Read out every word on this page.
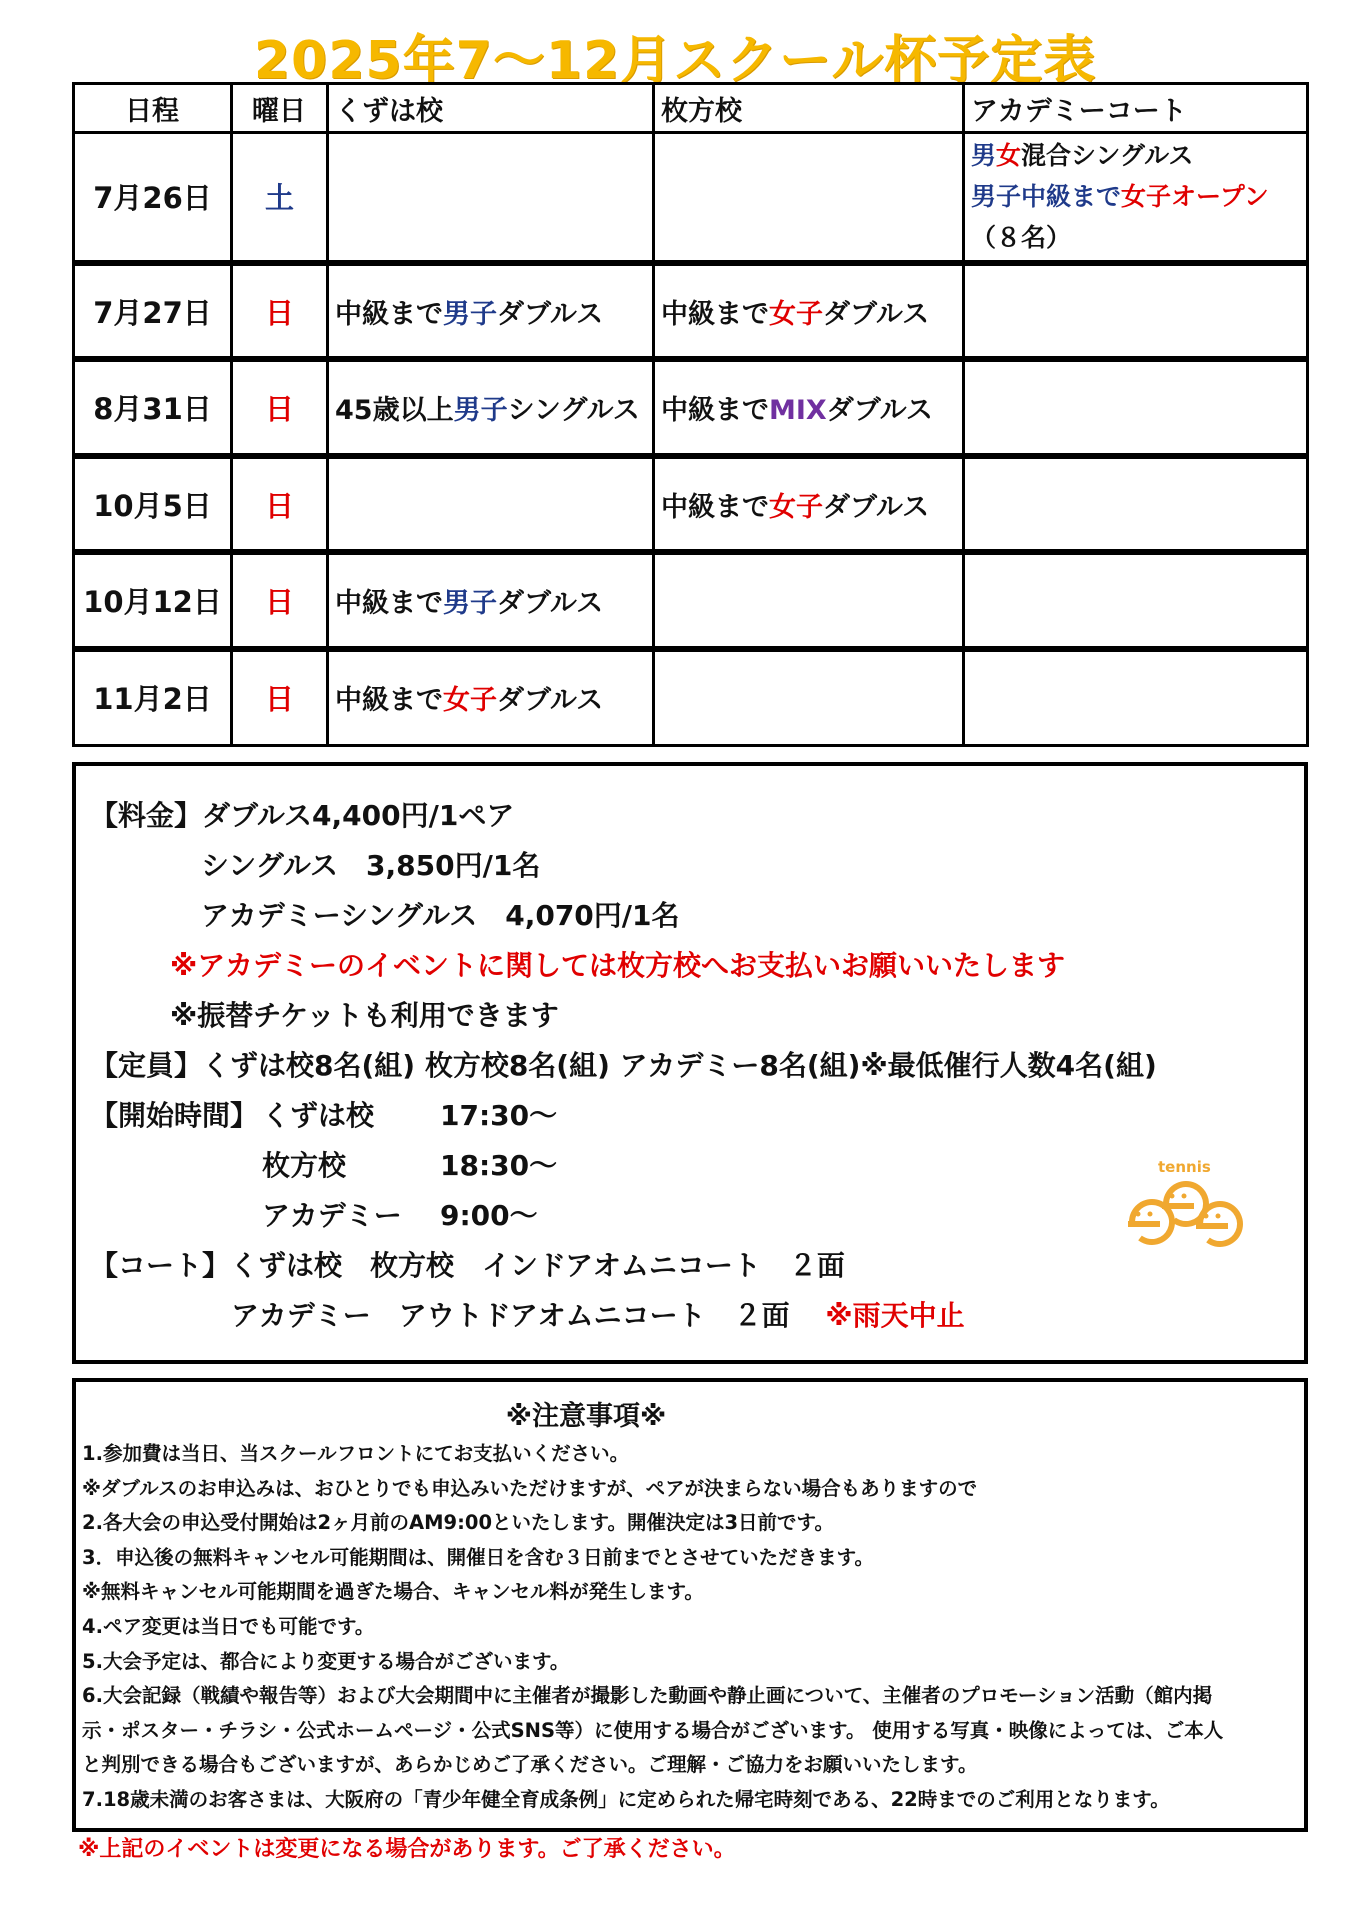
2025年7～12月スクール杯予定表
日程	曜日	くずは校	枚方校	アカデミーコート
7月26日	土			男女混合シングルス
男子中級まで女子オープン
（８名）

7月27日	日	中級まで男子ダブルス	中級まで女子ダブルス	
8月31日	日	45歳以上男子シングルス	中級までMIXダブルス	
10月5日	日		中級まで女子ダブルス	
10月12日	日	中級まで男子ダブルス		
11月2日	日	中級まで女子ダブルス		
【料金】ダブルス4,400円/1ペア
シングルス　3,850円/1名
アカデミーシングルス　4,070円/1名
※アカデミーのイベントに関しては枚方校へお支払いお願いいたします
※振替チケットも利用できます
【定員】くずは校8名(組) 枚方校8名(組) アカデミー8名(組)※最低催行人数4名(組)
【開始時間】 くずは校 17:30～
枚方校	18:30～
アカデミー 9:00～
【コート】くずは校　枚方校　インドアオムニコート　２面
アカデミー　アウトドアオムニコート　２面 ※雨天中止
tennis
※注意事項※
1.参加費は当日、当スクールフロントにてお支払いください。
※ダブルスのお申込みは、おひとりでも申込みいただけますが、ペアが決まらない場合もありますので
2.各大会の申込受付開始は2ヶ月前のAM9:00といたします。開催決定は3日前です。
3．申込後の無料キャンセル可能期間は、開催日を含む３日前までとさせていただきます。
※無料キャンセル可能期間を過ぎた場合、キャンセル料が発生します。
4.ペア変更は当日でも可能です。
5.大会予定は、都合により変更する場合がございます。
6.大会記録（戦績や報告等）および大会期間中に主催者が撮影した動画や静止画について、主催者のプロモーション活動（館内掲
示・ポスター・チラシ・公式ホームページ・公式SNS等）に使用する場合がございます。 使用する写真・映像によっては、ご本人
と判別できる場合もございますが、あらかじめご了承ください。ご理解・ご協力をお願いいたします。
7.18歳未満のお客さまは、大阪府の「青少年健全育成条例」に定められた帰宅時刻である、22時までのご利用となります。
※上記のイベントは変更になる場合があります。ご了承ください。
